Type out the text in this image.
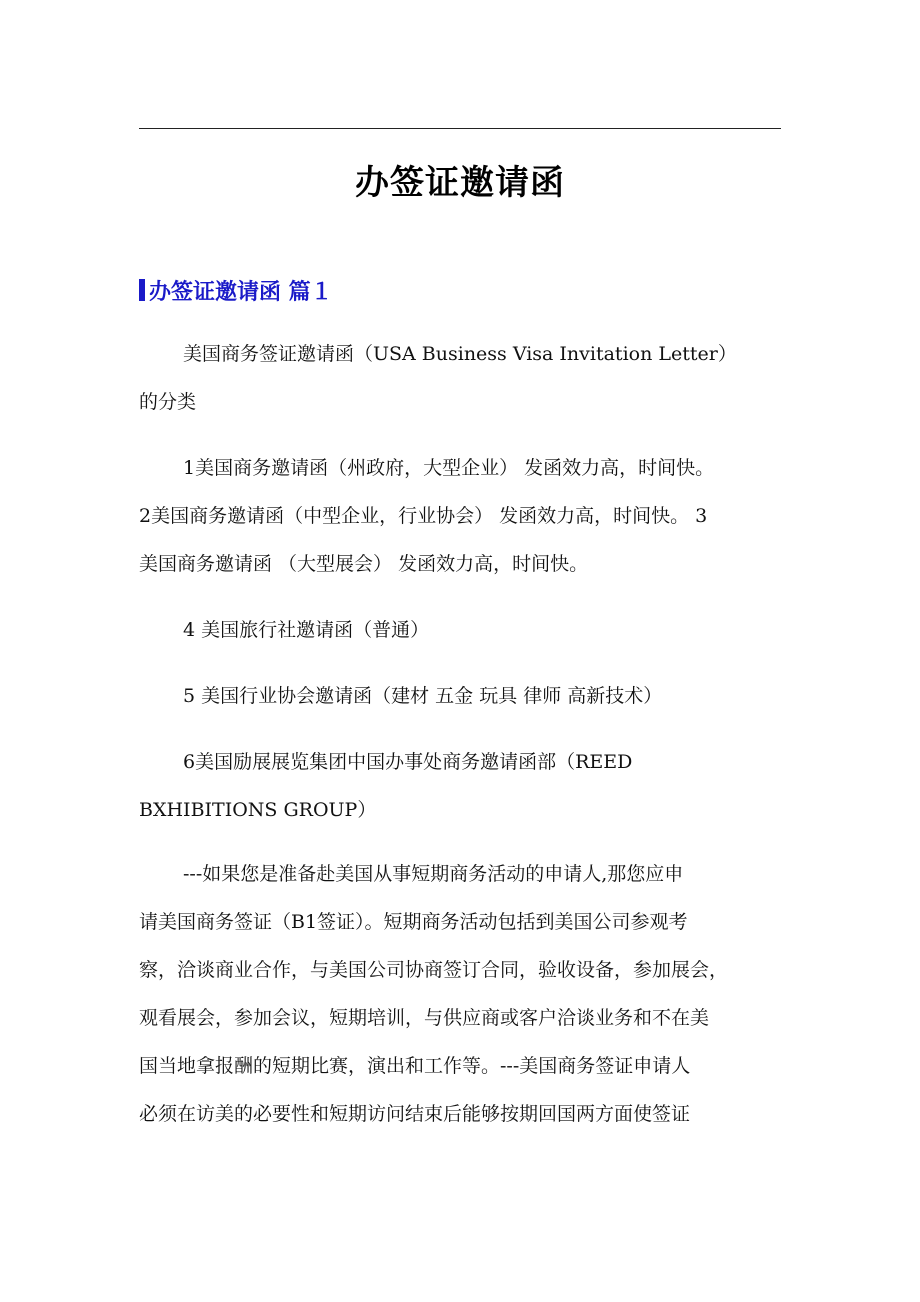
办签证邀请函
办签证邀请函 篇１
美国商务签证邀请函（USA Business Visa Invitation Letter）
的分类
1美国商务邀请函（州政府，大型企业） 发函效力高，时间快。
2美国商务邀请函（中型企业，行业协会） 发函效力高，时间快。 3
美国商务邀请函 （大型展会） 发函效力高，时间快。
4 美国旅行社邀请函（普通）
5 美国行业协会邀请函（建材 五金 玩具 律师 高新技术）
6美国励展展览集团中国办事处商务邀请函部（REED
BXHIBITIONS GROUP）
---如果您是准备赴美国从事短期商务活动的申请人,那您应申
请美国商务签证（B1签证）。短期商务活动包括到美国公司参观考
察，洽谈商业合作，与美国公司协商签订合同，验收设备，参加展会，
观看展会，参加会议，短期培训，与供应商或客户洽谈业务和不在美
国当地拿报酬的短期比赛，演出和工作等。---美国商务签证申请人
必须在访美的必要性和短期访问结束后能够按期回国两方面使签证
